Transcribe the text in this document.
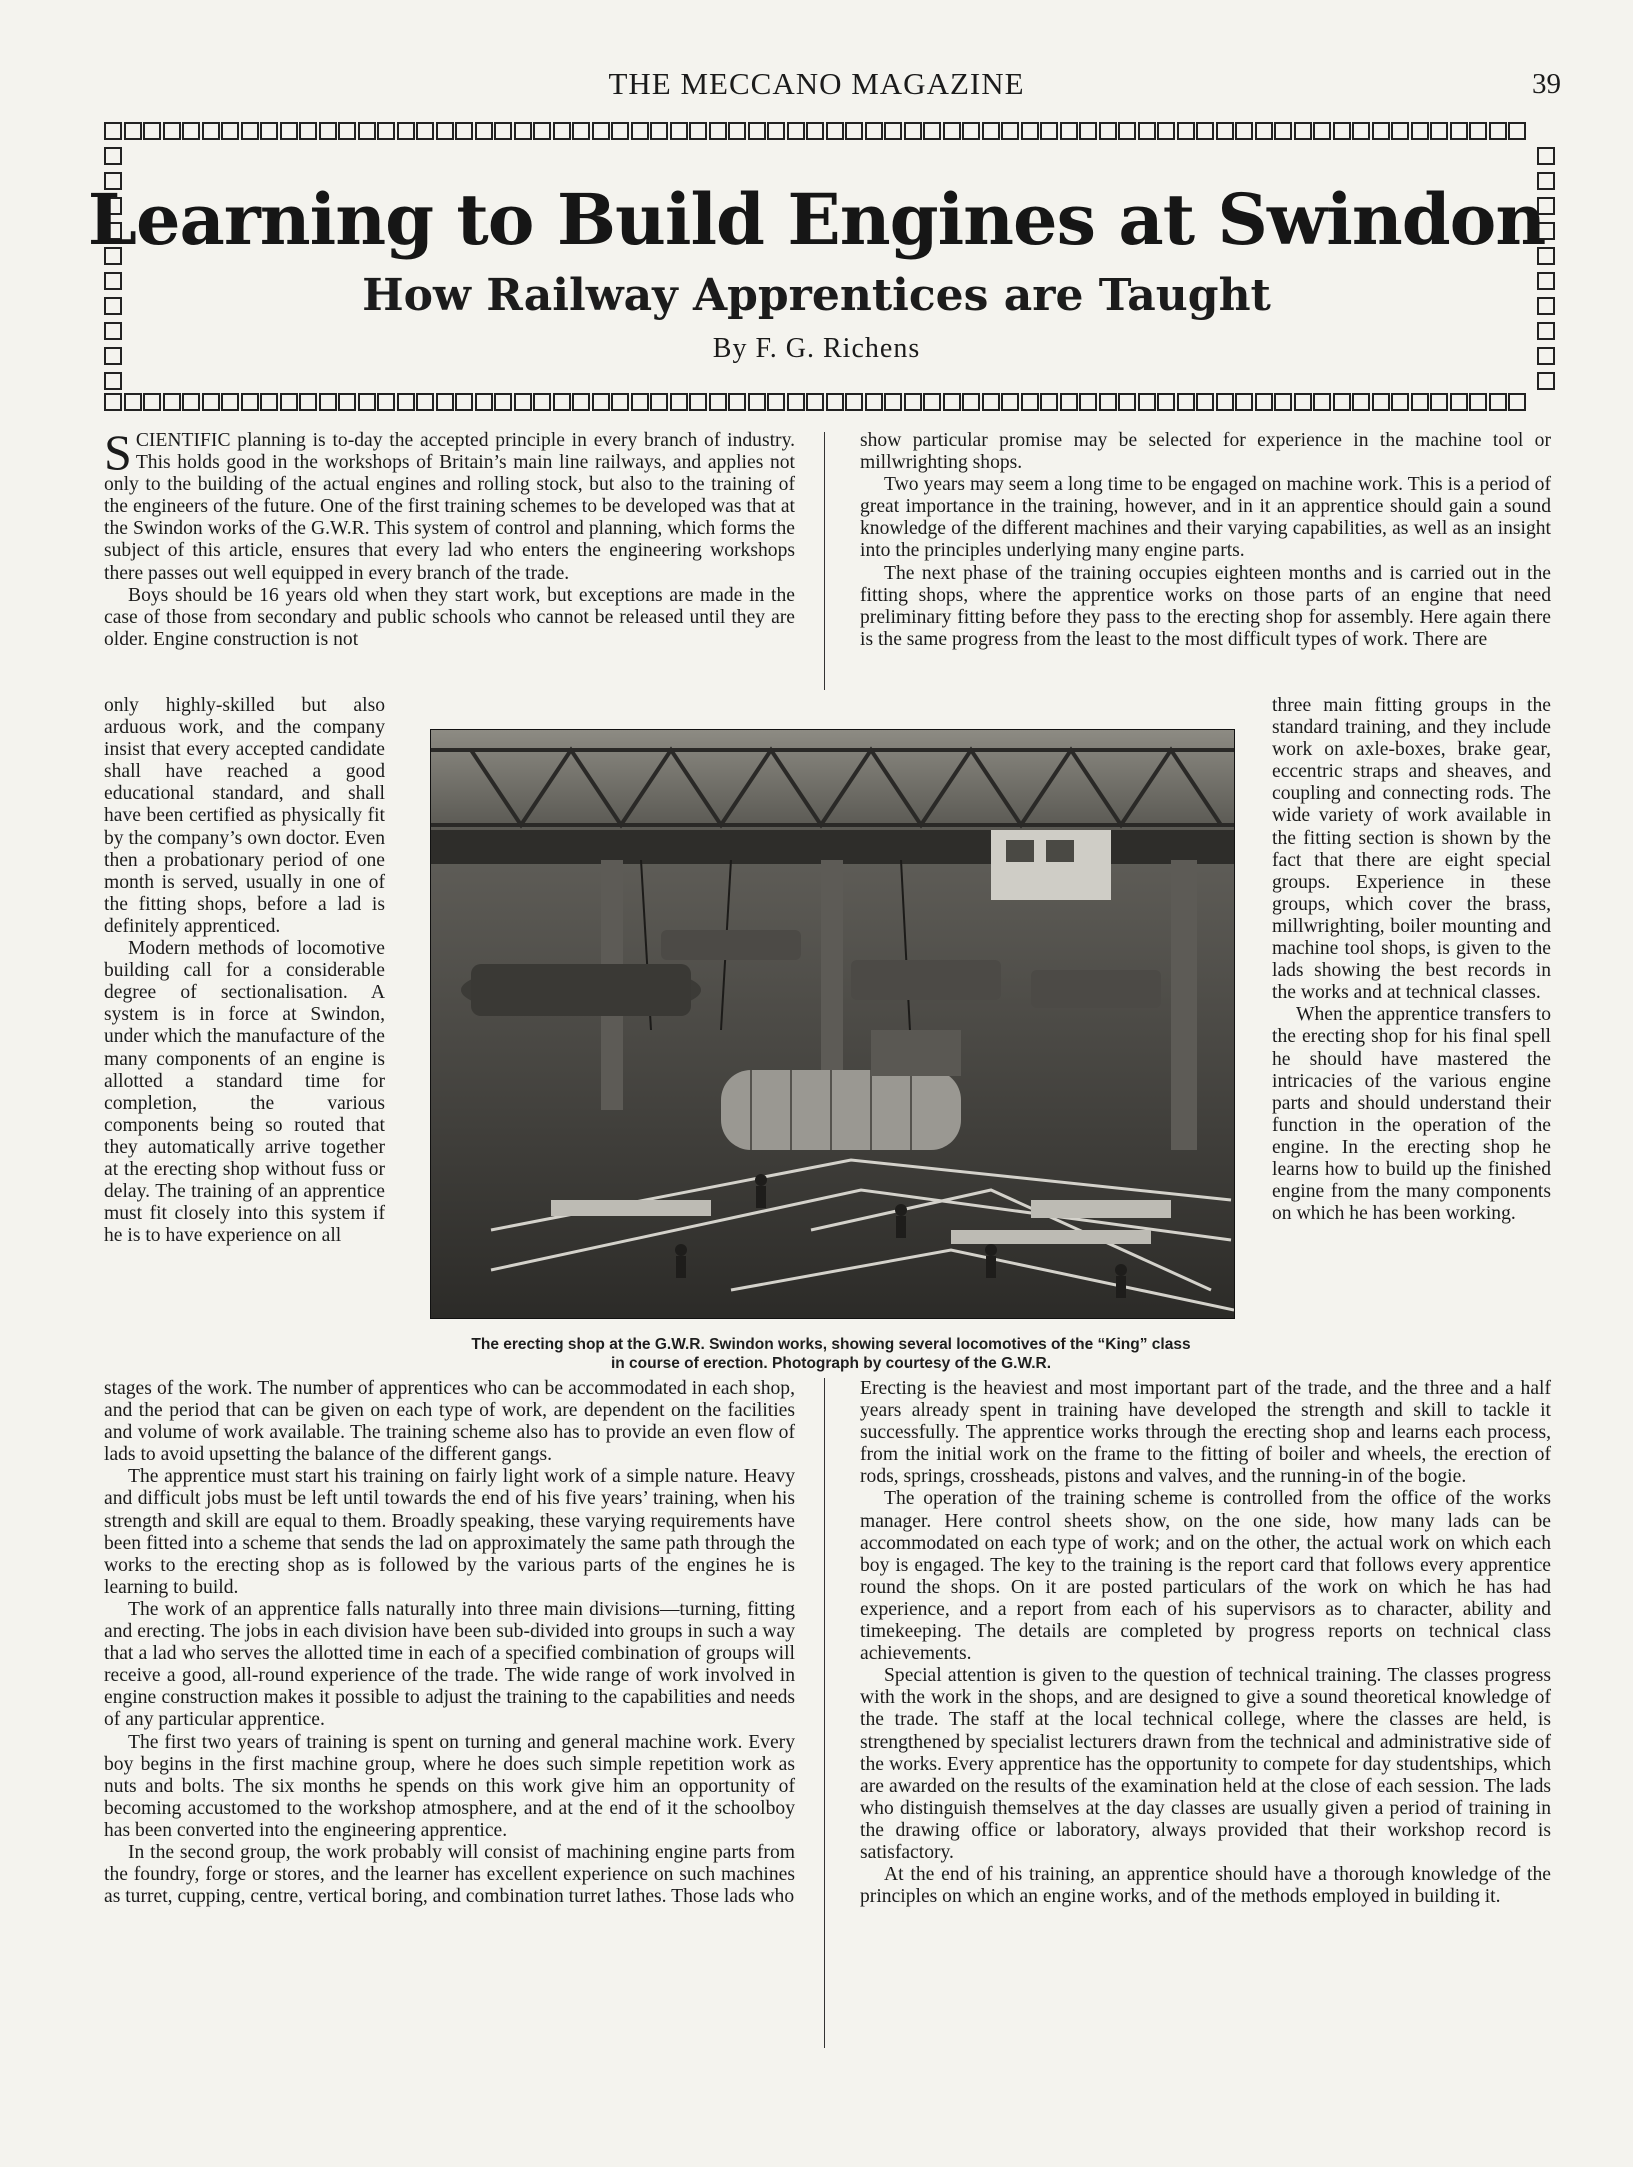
THE MECCANO MAGAZINE	39
Learning to Build Engines at Swindon
How Railway Apprentices are Taught
By F. G. Richens

SCIENTIFIC planning is to-day the accepted principle in every branch of industry. This holds good in the workshops of Britain’s main line railways, and applies not only to the building of the actual engines and rolling stock, but also to the training of the engineers of the future. One of the first training schemes to be developed was that at the Swindon works of the G.W.R. This system of control and planning, which forms the subject of this article, ensures that every lad who enters the engineering workshops there passes out well equipped in every branch of the trade.

Boys should be 16 years old when they start work, but exceptions are made in the case of those from secondary and public schools who cannot be released until they are older. Engine construction is not

only highly-skilled but also arduous work, and the company insist that every accepted candidate shall have reached a good educational standard, and shall have been certified as physically fit by the company’s own doctor. Even then a probationary period of one month is served, usually in one of the fitting shops, before a lad is definitely apprenticed.

Modern methods of locomotive building call for a considerable degree of sectionalisation. A system is in force at Swindon, under which the manufacture of the many components of an engine is allotted a standard time for completion, the various components being so routed that they automatically arrive together at the erecting shop without fuss or delay. The training of an apprentice must fit closely into this system if he is to have experience on all

stages of the work. The number of apprentices who can be accommodated in each shop, and the period that can be given on each type of work, are dependent on the facilities and volume of work available. The training scheme also has to provide an even flow of lads to avoid upsetting the balance of the different gangs.

The apprentice must start his training on fairly light work of a simple nature. Heavy and difficult jobs must be left until towards the end of his five years’ training, when his strength and skill are equal to them. Broadly speaking, these varying requirements have been fitted into a scheme that sends the lad on approximately the same path through the works to the erecting shop as is followed by the various parts of the engines he is learning to build.

The work of an apprentice falls naturally into three main divisions—turning, fitting and erecting. The jobs in each division have been sub-divided into groups in such a way that a lad who serves the allotted time in each of a specified combination of groups will receive a good, all-round experience of the trade. The wide range of work involved in engine construction makes it possible to adjust the training to the capabilities and needs of any particular apprentice.

The first two years of training is spent on turning and general machine work. Every boy begins in the first machine group, where he does such simple repetition work as nuts and bolts. The six months he spends on this work give him an opportunity of becoming accustomed to the workshop atmosphere, and at the end of it the schoolboy has been converted into the engineering apprentice.

In the second group, the work probably will consist of machining engine parts from the foundry, forge or stores, and the learner has excellent experience on such machines as turret, cupping, centre, vertical boring, and combination turret lathes. Those lads who

show particular promise may be selected for experience in the machine tool or millwrighting shops.

Two years may seem a long time to be engaged on machine work. This is a period of great importance in the training, however, and in it an apprentice should gain a sound knowledge of the different machines and their varying capabilities, as well as an insight into the principles underlying many engine parts.

The next phase of the training occupies eighteen months and is carried out in the fitting shops, where the apprentice works on those parts of an engine that need preliminary fitting before they pass to the erecting shop for assembly. Here again there is the same progress from the least to the most difficult types of work. There are

three main fitting groups in the standard training, and they include work on axle-boxes, brake gear, eccentric straps and sheaves, and coupling and connecting rods. The wide variety of work available in the fitting section is shown by the fact that there are eight special groups. Experience in these groups, which cover the brass, millwrighting, boiler mounting and machine tool shops, is given to the lads showing the best records in the works and at technical classes.

When the apprentice transfers to the erecting shop for his final spell he should have mastered the intricacies of the various engine parts and should understand their function in the operation of the engine. In the erecting shop he learns how to build up the finished engine from the many components on which he has been working.

Erecting is the heaviest and most important part of the trade, and the three and a half years already spent in training have developed the strength and skill to tackle it successfully. The apprentice works through the erecting shop and learns each process, from the initial work on the frame to the fitting of boiler and wheels, the erection of rods, springs, crossheads, pistons and valves, and the running-in of the bogie.

The operation of the training scheme is controlled from the office of the works manager. Here control sheets show, on the one side, how many lads can be accommodated on each type of work; and on the other, the actual work on which each boy is engaged. The key to the training is the report card that follows every apprentice round the shops. On it are posted particulars of the work on which he has had experience, and a report from each of his supervisors as to character, ability and timekeeping. The details are completed by progress reports on technical class achievements.

Special attention is given to the question of technical training. The classes progress with the work in the shops, and are designed to give a sound theoretical knowledge of the trade. The staff at the local technical college, where the classes are held, is strengthened by specialist lecturers drawn from the technical and administrative side of the works. Every apprentice has the opportunity to compete for day studentships, which are awarded on the results of the examination held at the close of each session. The lads who distinguish themselves at the day classes are usually given a period of training in the drawing office or laboratory, always provided that their workshop record is satisfactory.

At the end of his training, an apprentice should have a thorough knowledge of the principles on which an engine works, and of the methods employed in building it.

The erecting shop at the G.W.R. Swindon works, showing several locomotives of the “King” class
in course of erection. Photograph by courtesy of the G.W.R.
